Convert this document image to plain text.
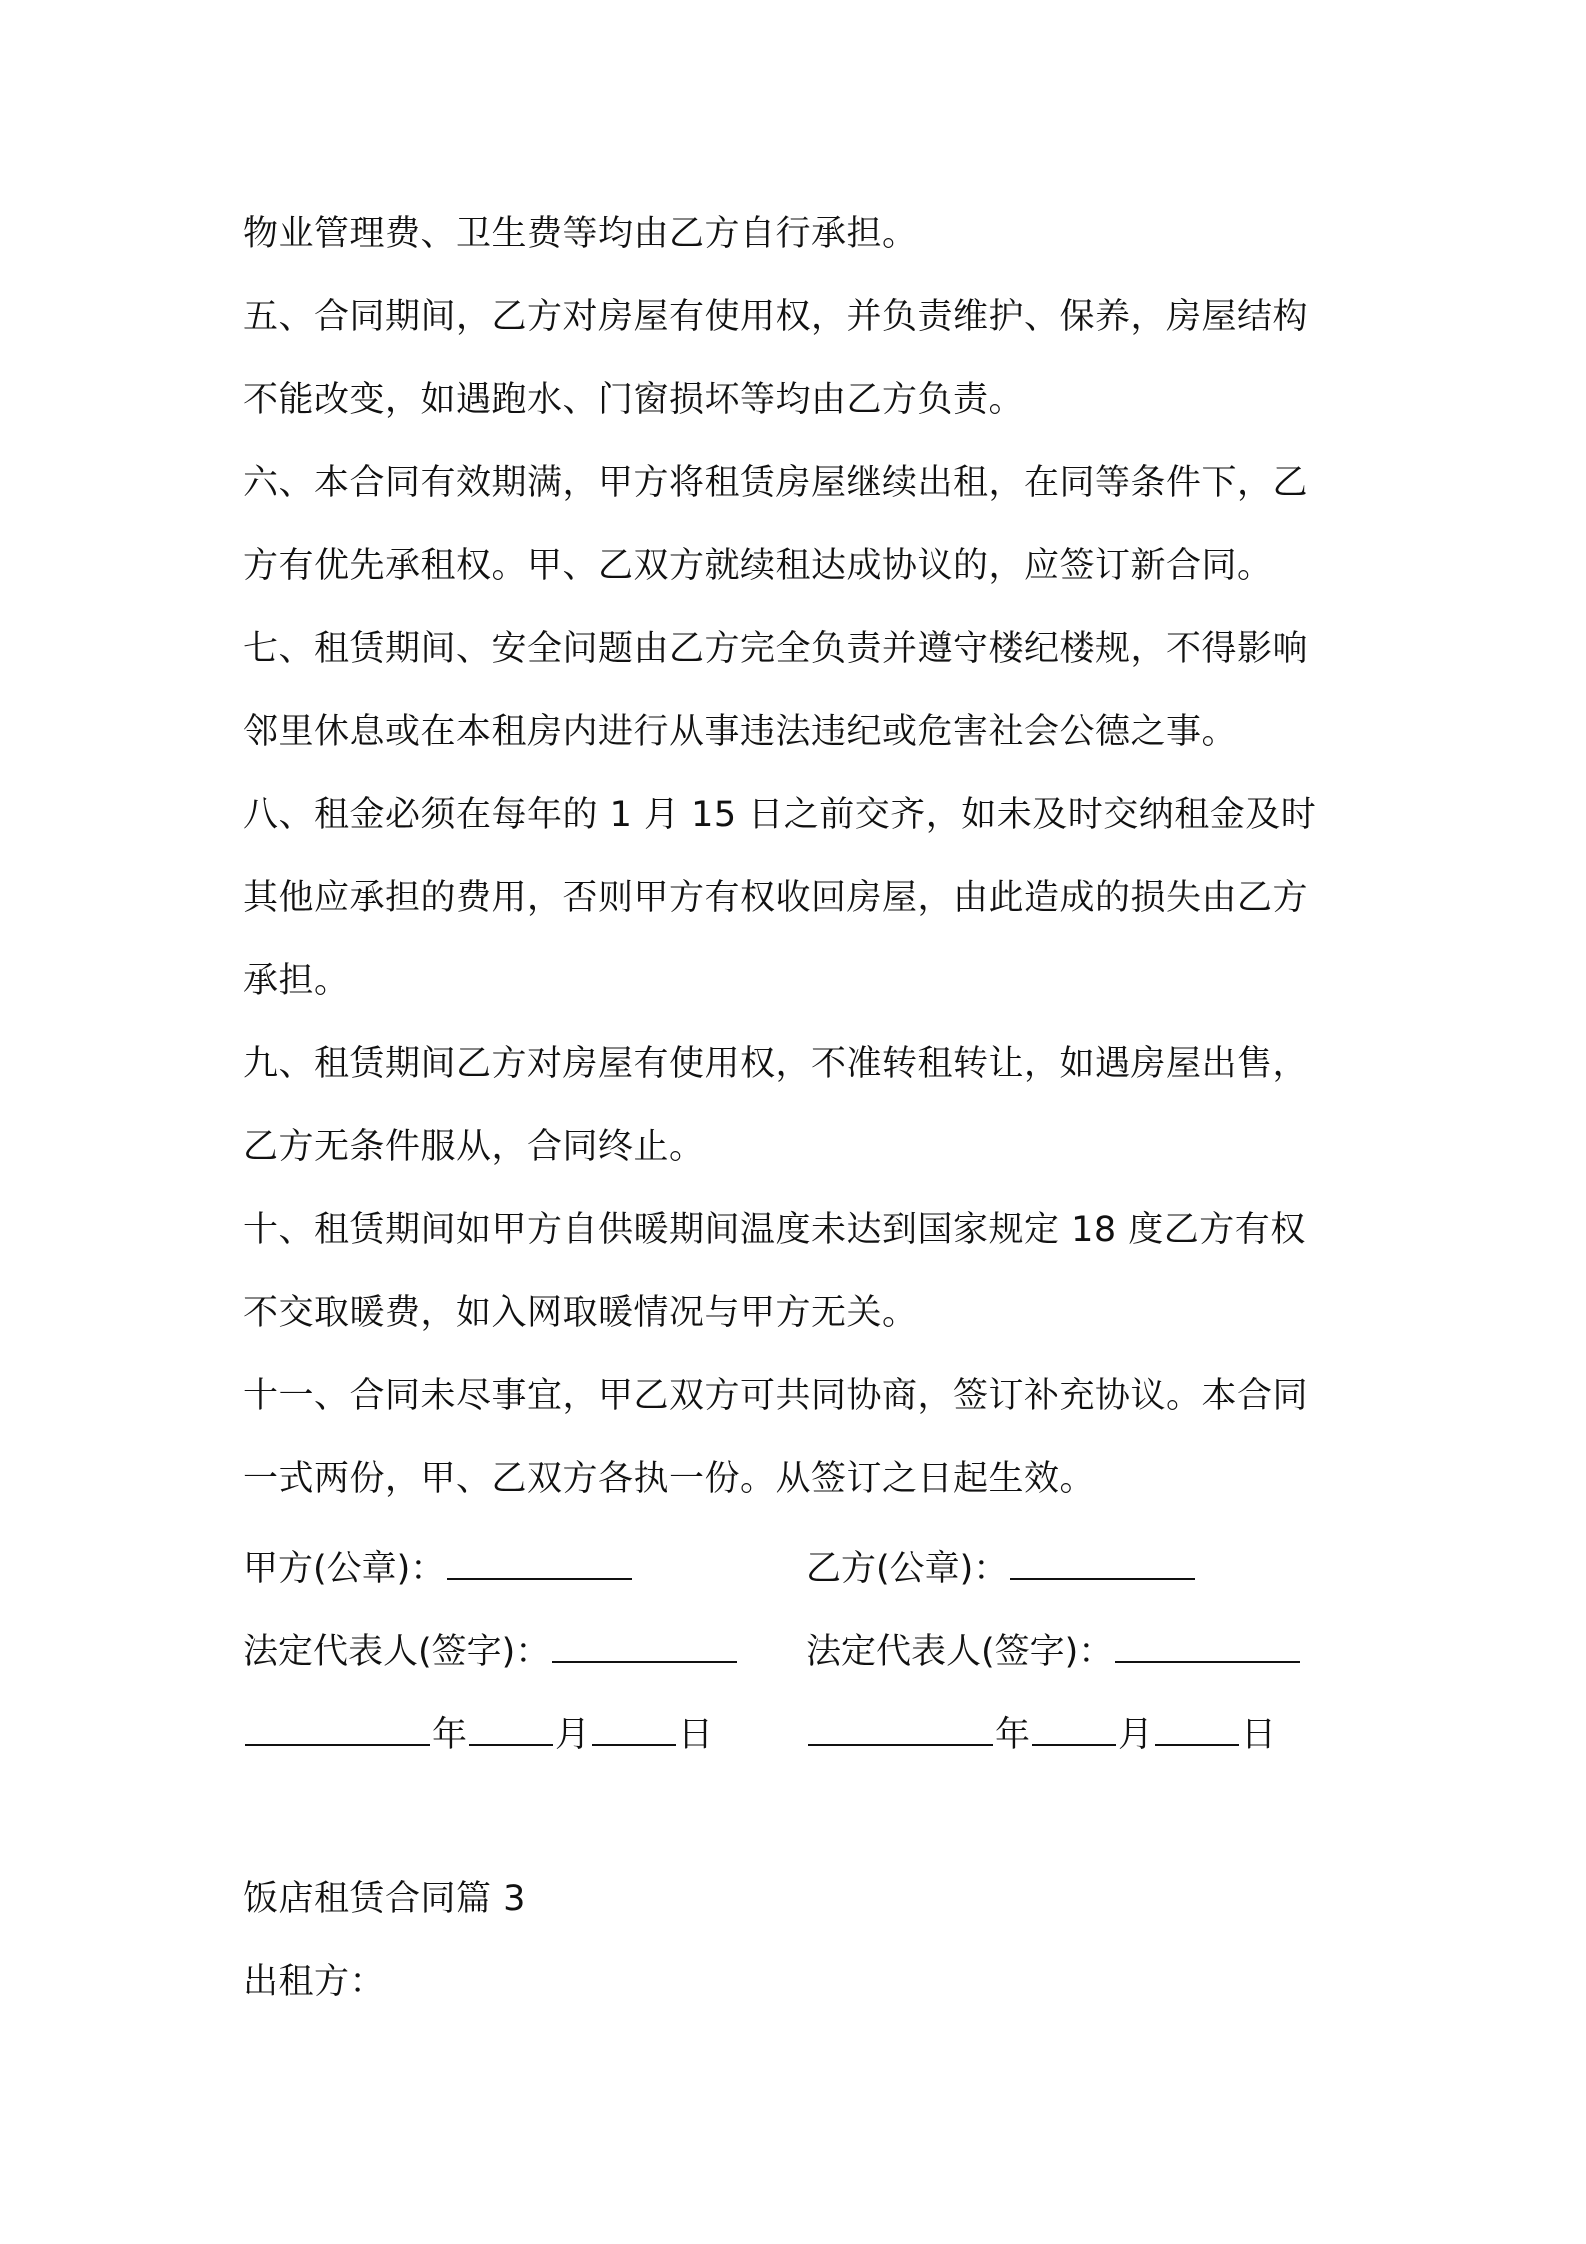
物业管理费、卫生费等均由乙方自行承担。
五、合同期间，乙方对房屋有使用权，并负责维护、保养，房屋结构
不能改变，如遇跑水、门窗损坏等均由乙方负责。
六、本合同有效期满，甲方将租赁房屋继续出租，在同等条件下，乙
方有优先承租权。甲、乙双方就续租达成协议的，应签订新合同。
七、租赁期间、安全问题由乙方完全负责并遵守楼纪楼规，不得影响
邻里休息或在本租房内进行从事违法违纪或危害社会公德之事。
八、租金必须在每年的 1 月 15 日之前交齐，如未及时交纳租金及时
其他应承担的费用，否则甲方有权收回房屋，由此造成的损失由乙方
承担。
九、租赁期间乙方对房屋有使用权，不准转租转让，如遇房屋出售，
乙方无条件服从，合同终止。
十、租赁期间如甲方自供暖期间温度未达到国家规定 18 度乙方有权
不交取暖费，如入网取暖情况与甲方无关。
十一、合同未尽事宜，甲乙双方可共同协商，签订补充协议。本合同
一式两份，甲、乙双方各执一份。从签订之日起生效。
甲方(公章)：	乙方(公章)：
法定代表人(签字)：	法定代表人(签字)：
年	月	日	年	月	日
饭店租赁合同篇 3
出租方：
